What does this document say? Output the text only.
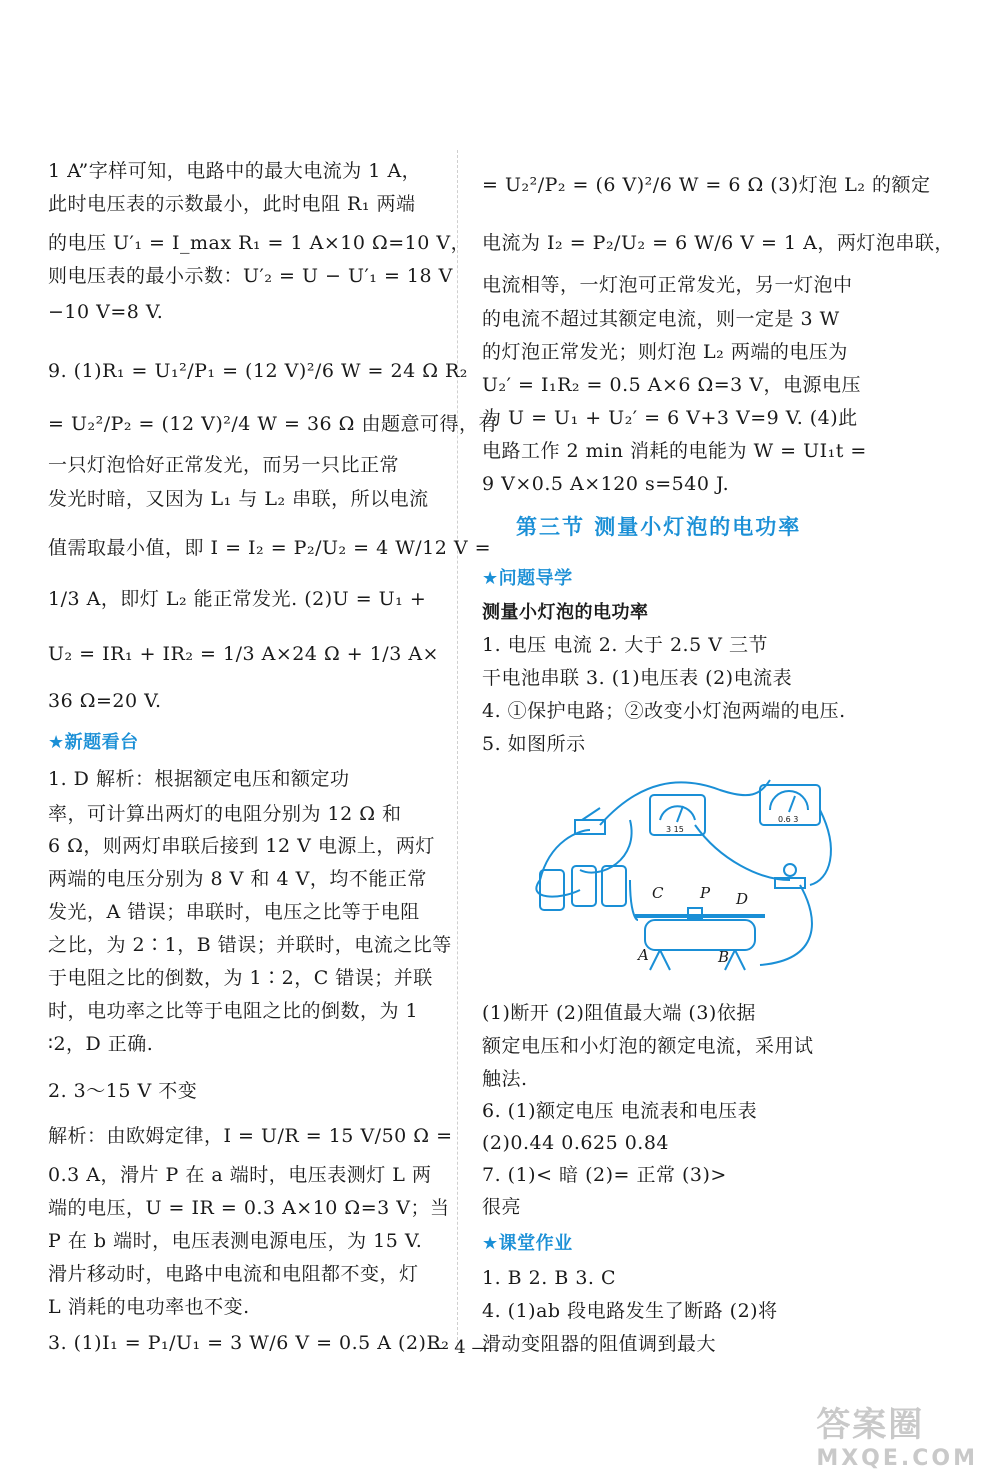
1 A”字样可知，电路中的最大电流为 1 A，
此时电压表的示数最小，此时电阻 R₁ 两端
的电压 U′₁ = I_max R₁ = 1 A×10 Ω=10 V，
则电压表的最小示数：U′₂ = U − U′₁ = 18 V
−10 V=8 V.
9. (1)R₁ = U₁²/P₁ = (12 V)²/6 W = 24 Ω R₂
= U₂²/P₂ = (12 V)²/4 W = 36 Ω 由题意可得，有
一只灯泡恰好正常发光，而另一只比正常
发光时暗，又因为 L₁ 与 L₂ 串联，所以电流
值需取最小值，即 I = I₂ = P₂/U₂ = 4 W/12 V =
1/3 A，即灯 L₂ 能正常发光. (2)U = U₁ +
U₂ = IR₁ + IR₂ = 1/3 A×24 Ω + 1/3 A×
36 Ω=20 V.
★新题看台
1. D 解析：根据额定电压和额定功
率，可计算出两灯的电阻分别为 12 Ω 和
6 Ω，则两灯串联后接到 12 V 电源上，两灯
两端的电压分别为 8 V 和 4 V，均不能正常
发光，A 错误；串联时，电压之比等于电阻
之比，为 2∶1，B 错误；并联时，电流之比等
于电阻之比的倒数，为 1∶2，C 错误；并联
时，电功率之比等于电阻之比的倒数，为 1
∶2，D 正确.
2. 3～15 V 不变
解析：由欧姆定律，I = U/R = 15 V/50 Ω =
0.3 A，滑片 P 在 a 端时，电压表测灯 L 两
端的电压，U = IR = 0.3 A×10 Ω=3 V；当
P 在 b 端时，电压表测电源电压，为 15 V.
滑片移动时，电路中电流和电阻都不变，灯
L 消耗的电功率也不变.
3. (1)I₁ = P₁/U₁ = 3 W/6 V = 0.5 A (2)R₂
= U₂²/P₂ = (6 V)²/6 W = 6 Ω (3)灯泡 L₂ 的额定
电流为 I₂ = P₂/U₂ = 6 W/6 V = 1 A，两灯泡串联，
电流相等，一灯泡可正常发光，另一灯泡中
的电流不超过其额定电流，则一定是 3 W
的灯泡正常发光；则灯泡 L₂ 两端的电压为
U₂′ = I₁R₂ = 0.5 A×6 Ω=3 V，电源电压
为 U = U₁ + U₂′ = 6 V+3 V=9 V. (4)此
电路工作 2 min 消耗的电能为 W = UI₁t =
9 V×0.5 A×120 s=540 J.
第三节 测量小灯泡的电功率
★问题导学
测量小灯泡的电功率
1. 电压 电流 2. 大于 2.5 V 三节
干电池串联 3. (1)电压表 (2)电流表
4. ①保护电路；②改变小灯泡两端的电压.
5. 如图所示
(1)断开 (2)阻值最大端 (3)依据
额定电压和小灯泡的额定电流，采用试
触法.
6. (1)额定电压 电流表和电压表
(2)0.44 0.625 0.84
7. (1)< 暗 (2)= 正常 (3)>
很亮
★课堂作业
1. B 2. B 3. C
4. (1)ab 段电路发生了断路 (2)将
滑动变阻器的阻值调到最大
C P D
A	B
0.6 3
3 15
— 4 —
答案圈
MXQE.COM
